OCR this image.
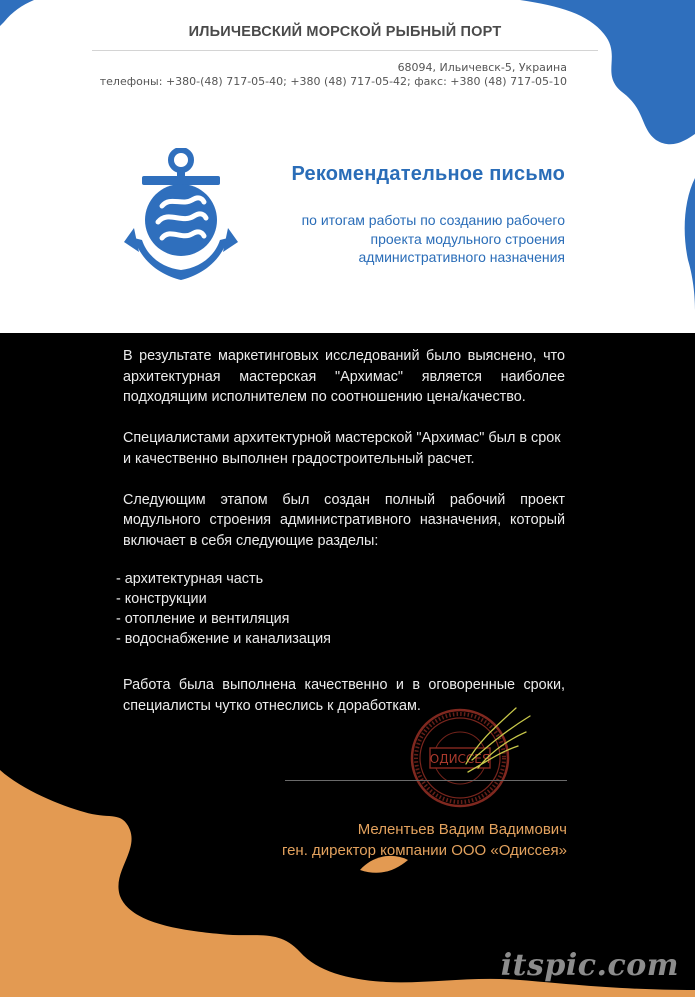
ИЛЬИЧЕВСКИЙ МОРСКОЙ РЫБНЫЙ ПОРТ
68094, Ильичевск-5, Украина
телефоны: +380-(48) 717-05-40; +380 (48) 717-05-42; факс: +380 (48) 717-05-10
Рекомендательное письмо
по итогам работы по созданию рабочего
проекта модульного строения
административного назначения

В результате маркетинговых исследований было выяснено, что архитектурная мастерская "Архимас" является наиболее подходящим исполнителем по соотношению цена/качество.

Специалистами архитектурной мастерской "Архимас" был в срок и качественно выполнен градостроительный расчет.

Следующим этапом был создан полный рабочий проект модульного строения административного назначения, который включает в себя следующие разделы:

- архитектурная часть
- конструкции
- отопление и вентиляция
- водоснабжение и канализация
Работа была выполнена качественно и в оговоренные сроки, специалисты чутко отнеслись к доработкам.
ОДИССЕЯ
Мелентьев Вадим Вадимович
ген. директор компании ООО «Одиссея»
itspic.com
